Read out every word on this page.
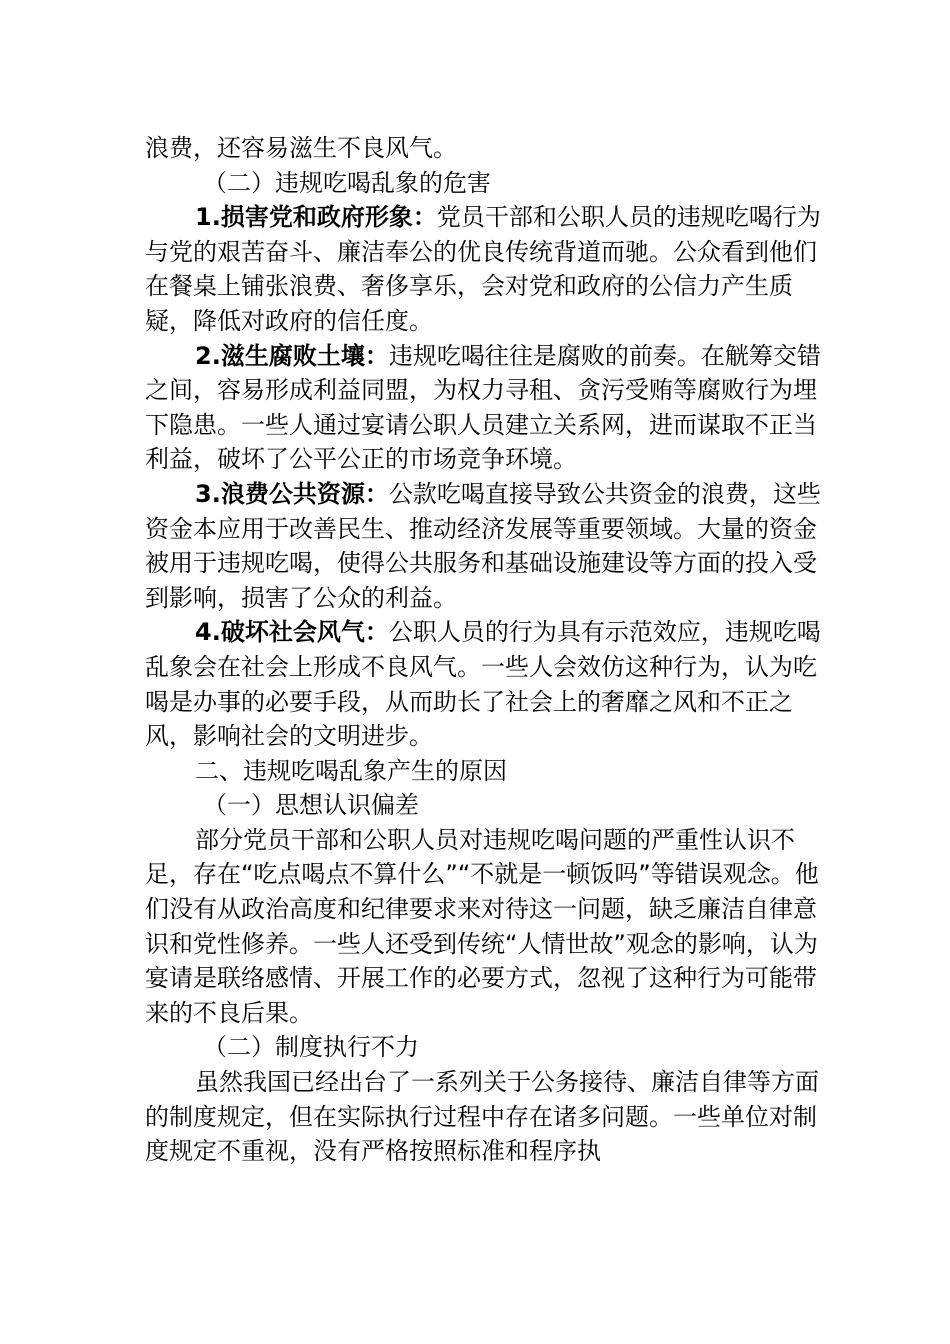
浪费，还容易滋生不良风气。

（二）违规吃喝乱象的危害

1.损害党和政府形象：党员干部和公职人员的违规吃喝行为与党的艰苦奋斗、廉洁奉公的优良传统背道而驰。公众看到他们在餐桌上铺张浪费、奢侈享乐，会对党和政府的公信力产生质疑，降低对政府的信任度。

2.滋生腐败土壤：违规吃喝往往是腐败的前奏。在觥筹交错之间，容易形成利益同盟，为权力寻租、贪污受贿等腐败行为埋下隐患。一些人通过宴请公职人员建立关系网，进而谋取不正当利益，破坏了公平公正的市场竞争环境。

3.浪费公共资源：公款吃喝直接导致公共资金的浪费，这些资金本应用于改善民生、推动经济发展等重要领域。大量的资金被用于违规吃喝，使得公共服务和基础设施建设等方面的投入受到影响，损害了公众的利益。

4.破坏社会风气：公职人员的行为具有示范效应，违规吃喝乱象会在社会上形成不良风气。一些人会效仿这种行为，认为吃喝是办事的必要手段，从而助长了社会上的奢靡之风和不正之风，影响社会的文明进步。

二、违规吃喝乱象产生的原因

（一）思想认识偏差

部分党员干部和公职人员对违规吃喝问题的严重性认识不足，存在“吃点喝点不算什么”“不就是一顿饭吗”等错误观念。他们没有从政治高度和纪律要求来对待这一问题，缺乏廉洁自律意识和党性修养。一些人还受到传统“人情世故”观念的影响，认为宴请是联络感情、开展工作的必要方式，忽视了这种行为可能带来的不良后果。

（二）制度执行不力

虽然我国已经出台了一系列关于公务接待、廉洁自律等方面的制度规定，但在实际执行过程中存在诸多问题。一些单位对制度规定不重视，没有严格按照标准和程序执
